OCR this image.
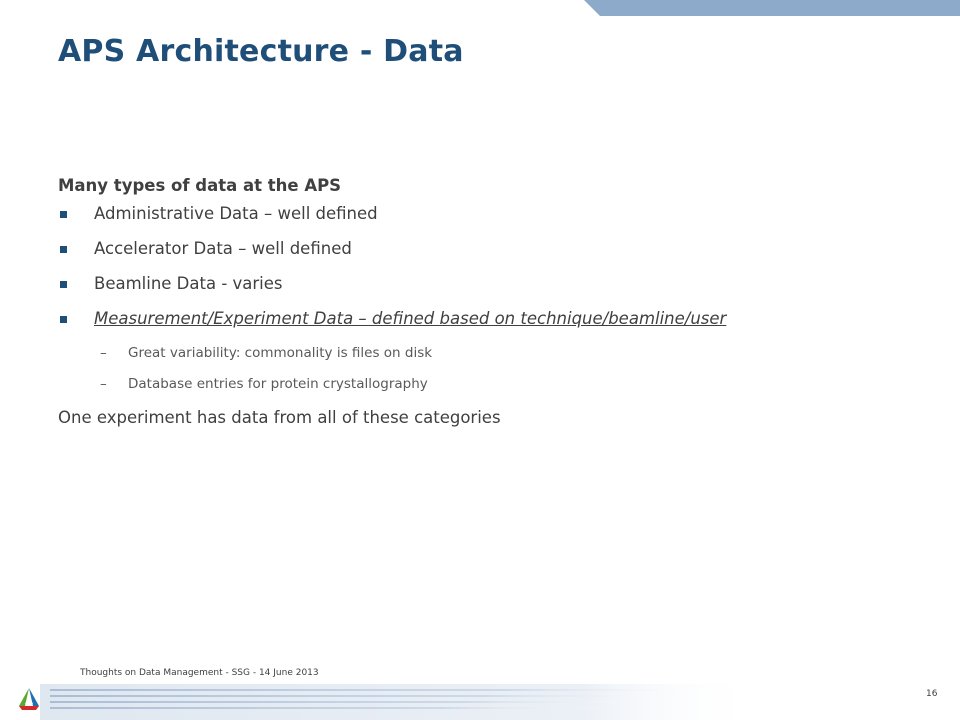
APS Architecture - Data
Many types of data at the APS
Administrative Data – well defined
Accelerator Data – well defined
Beamline Data - varies
Measurement/Experiment Data – defined based on technique/beamline/user
– Great variability: commonality is files on disk
– Database entries for protein crystallography
One experiment has data from all of these categories
Thoughts on Data Management - SSG - 14 June 2013
16
